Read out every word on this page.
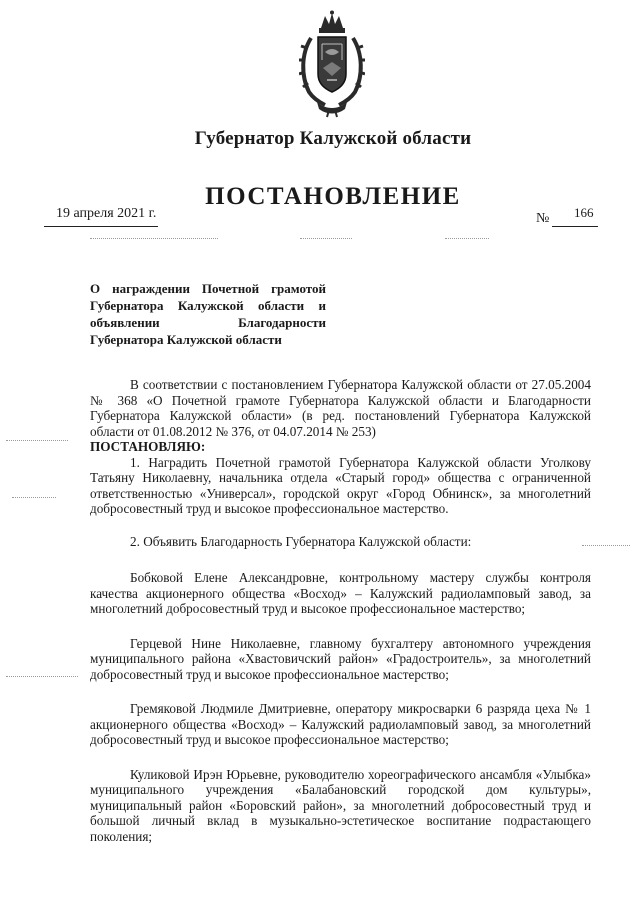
Губернатор Калужской области
ПОСТАНОВЛЕНИЕ
19 апреля 2021 г.	№ 166
О награждении Почетной грамотой Губернатора Калужской области и объявлении Благодарности Губернатора Калужской области

В соответствии с постановлением Губернатора Калужской области от 27.05.2004 № 368 «О Почетной грамоте Губернатора Калужской области и Благодарности Губернатора Калужской области» (в ред. постановлений Губернатора Калужской области от 01.08.2012 № 376, от 04.07.2014 № 253)

ПОСТАНОВЛЯЮ:

1. Наградить Почетной грамотой Губернатора Калужской области Уголкову Татьяну Николаевну, начальника отдела «Старый город» общества с ограниченной ответственностью «Универсал», городской округ «Город Обнинск», за многолетний добросовестный труд и высокое профессиональное мастерство.

2. Объявить Благодарность Губернатора Калужской области:

Бобковой Елене Александровне, контрольному мастеру службы контроля качества акционерного общества «Восход» – Калужский радиоламповый завод, за многолетний добросовестный труд и высокое профессиональное мастерство;

Герцевой Нине Николаевне, главному бухгалтеру автономного учреждения муниципального района «Хвастовичский район» «Градостроитель», за многолетний добросовестный труд и высокое профессиональное мастерство;

Гремяковой Людмиле Дмитриевне, оператору микросварки 6 разряда цеха № 1 акционерного общества «Восход» – Калужский радиоламповый завод, за многолетний добросовестный труд и высокое профессиональное мастерство;

Куликовой Ирэн Юрьевне, руководителю хореографического ансамбля «Улыбка» муниципального учреждения «Балабановский городской дом культуры», муниципальный район «Боровский район», за многолетний добросовестный труд и большой личный вклад в музыкально-эстетическое воспитание подрастающего поколения;
